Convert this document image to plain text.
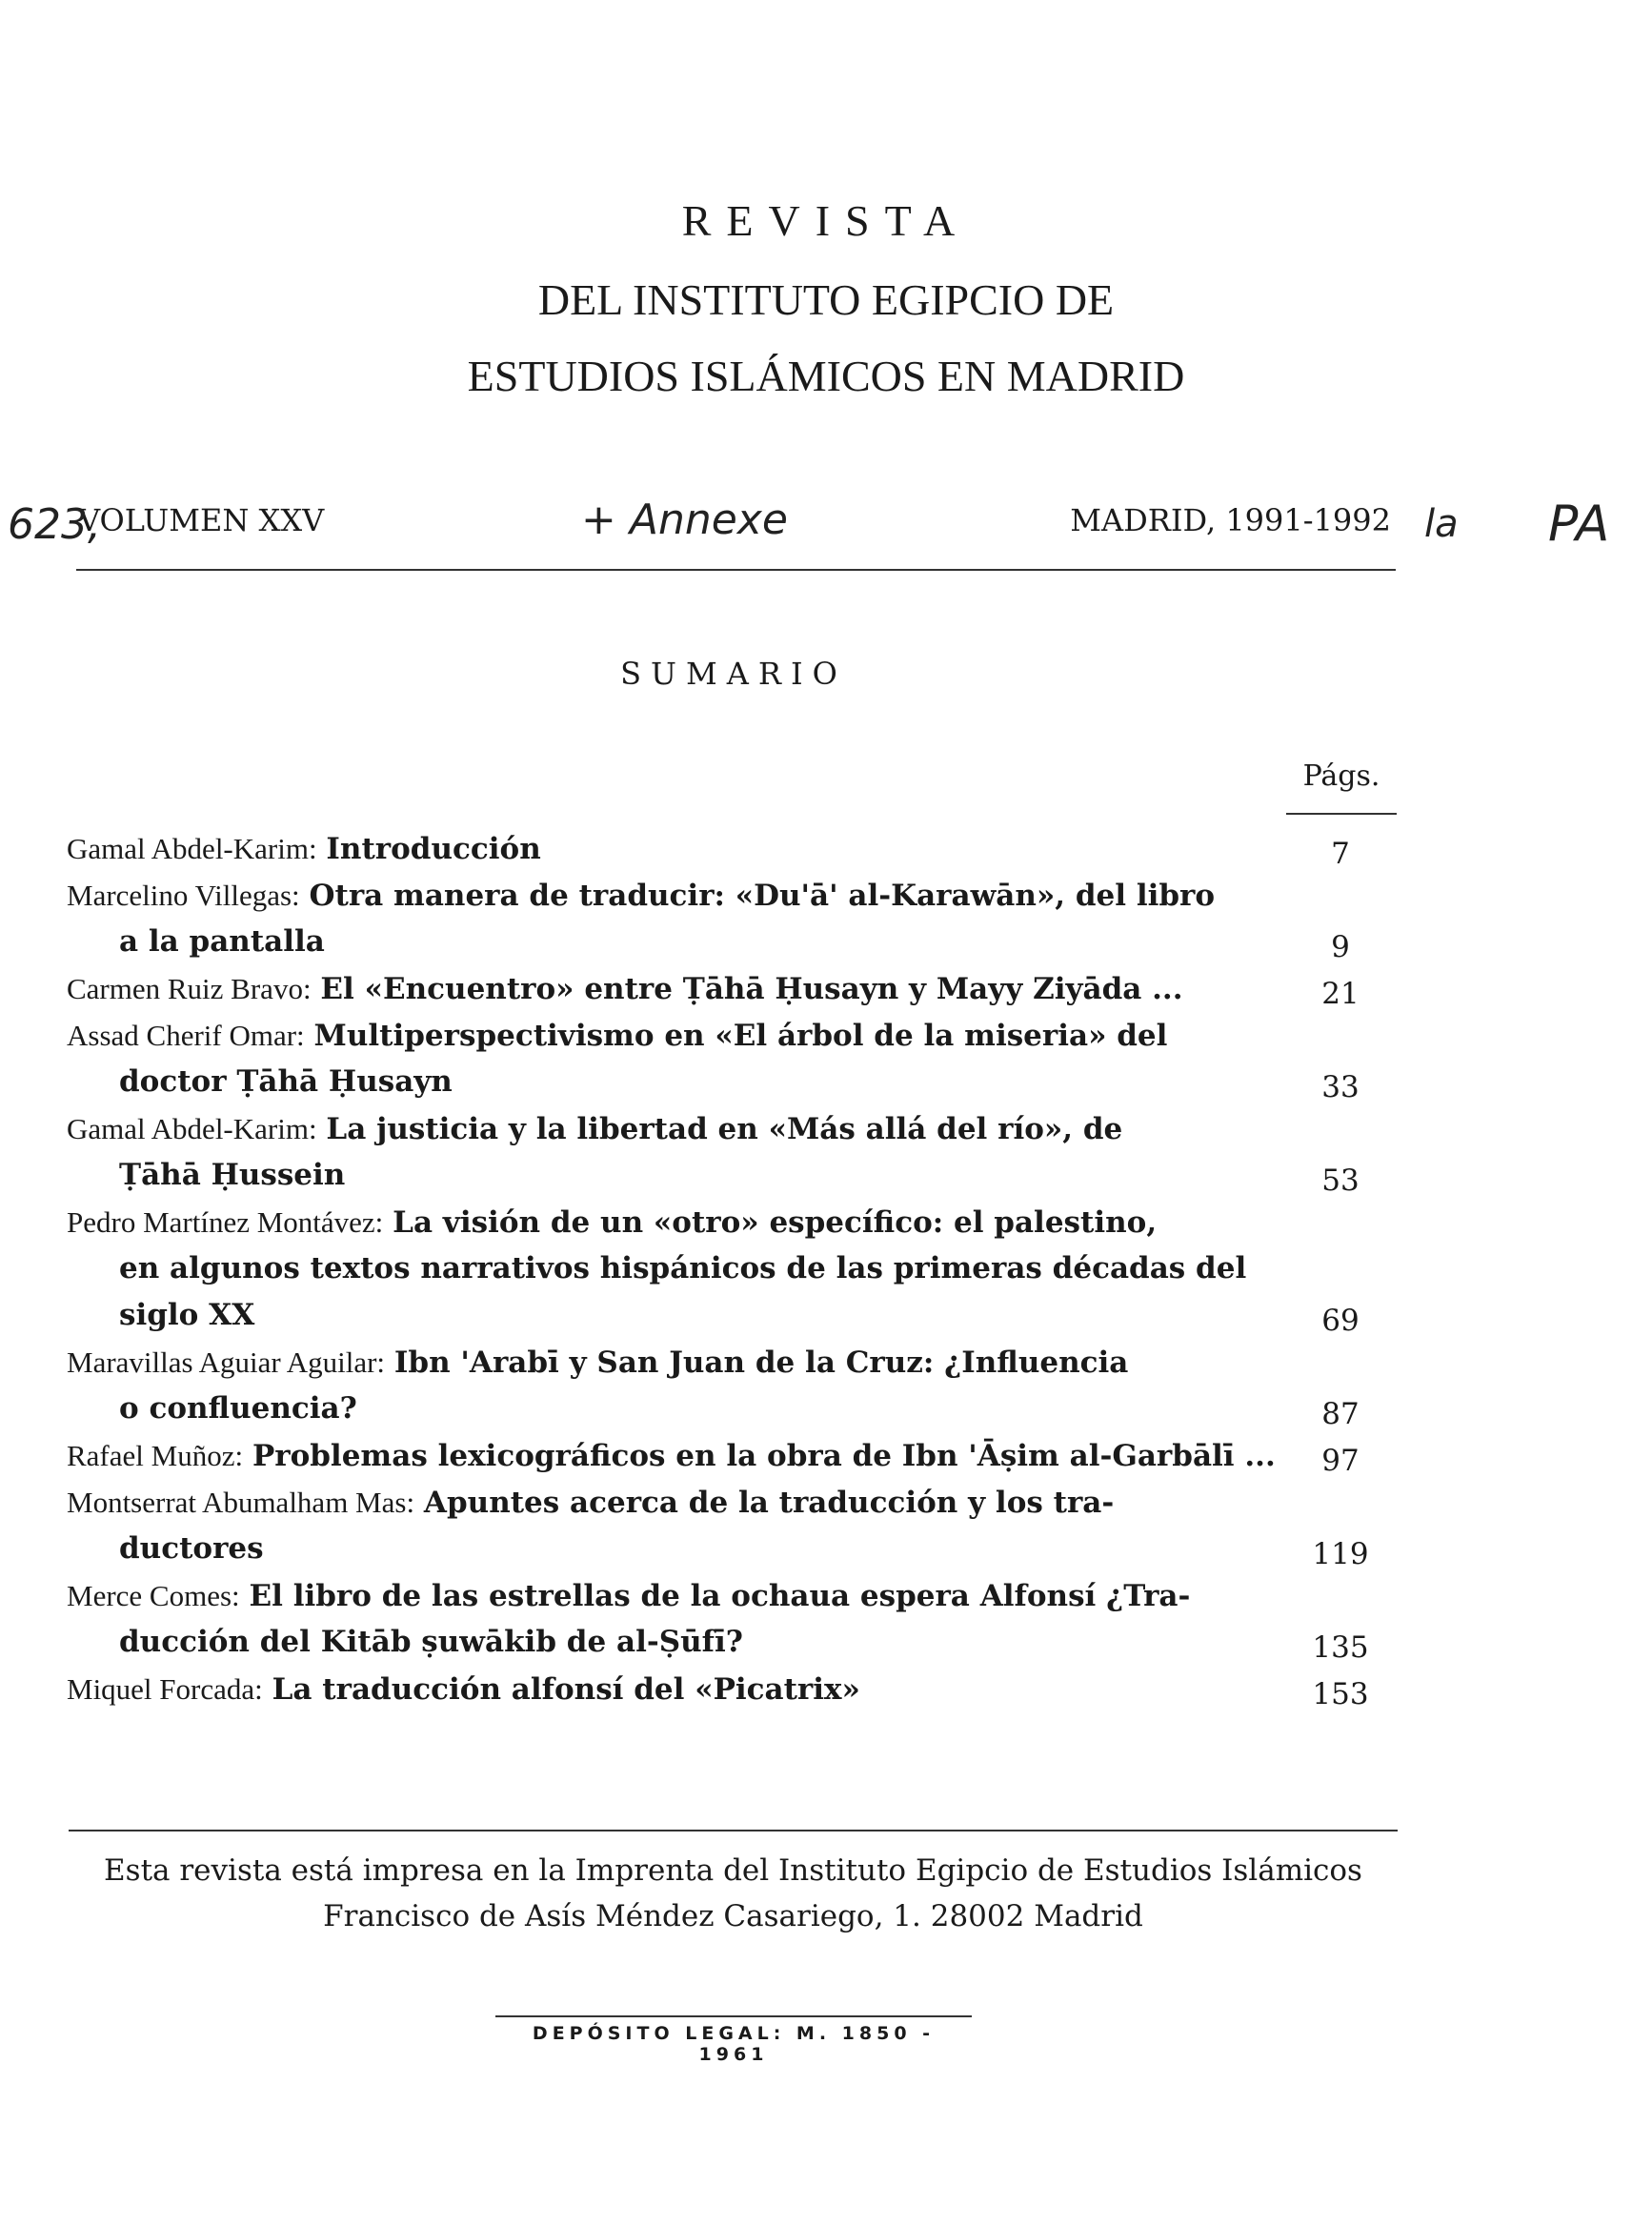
REVISTA
DEL INSTITUTO EGIPCIO DE
ESTUDIOS ISLÁMICOS EN MADRID
VOLUMEN XXV	MADRID, 1991-1992
623,	+ Annexe	la PA
SUMARIO
Págs.
Gamal Abdel-Karim: Introducción	7
Marcelino Villegas: Otra manera de traducir: «Du'ā' al-Karawān», del libro
a la pantalla	9
Carmen Ruiz Bravo: El «Encuentro» entre Ṭāhā Ḥusayn y Mayy Ziyāda ...	21
Assad Cherif Omar: Multiperspectivismo en «El árbol de la miseria» del
doctor Ṭāhā Ḥusayn	33
Gamal Abdel-Karim: La justicia y la libertad en «Más allá del río», de
Ṭāhā Ḥussein	53
Pedro Martínez Montávez: La visión de un «otro» específico: el palestino,
en algunos textos narrativos hispánicos de las primeras décadas del
siglo XX	69
Maravillas Aguiar Aguilar: Ibn 'Arabī y San Juan de la Cruz: ¿Influencia
o confluencia?	87
Rafael Muñoz: Problemas lexicográficos en la obra de Ibn 'Āṣim al-Garbālī ...	97
Montserrat Abumalham Mas: Apuntes acerca de la traducción y los tra-
ductores	119
Merce Comes: El libro de las estrellas de la ochaua espera Alfonsí ¿Tra-
ducción del Kitāb ṣuwākib de al-Ṣūfī?	135
Miquel Forcada: La traducción alfonsí del «Picatrix»	153
Esta revista está impresa en la Imprenta del Instituto Egipcio de Estudios Islámicos
Francisco de Asís Méndez Casariego, 1. 28002 Madrid
DEPÓSITO LEGAL: M. 1850 - 1961
